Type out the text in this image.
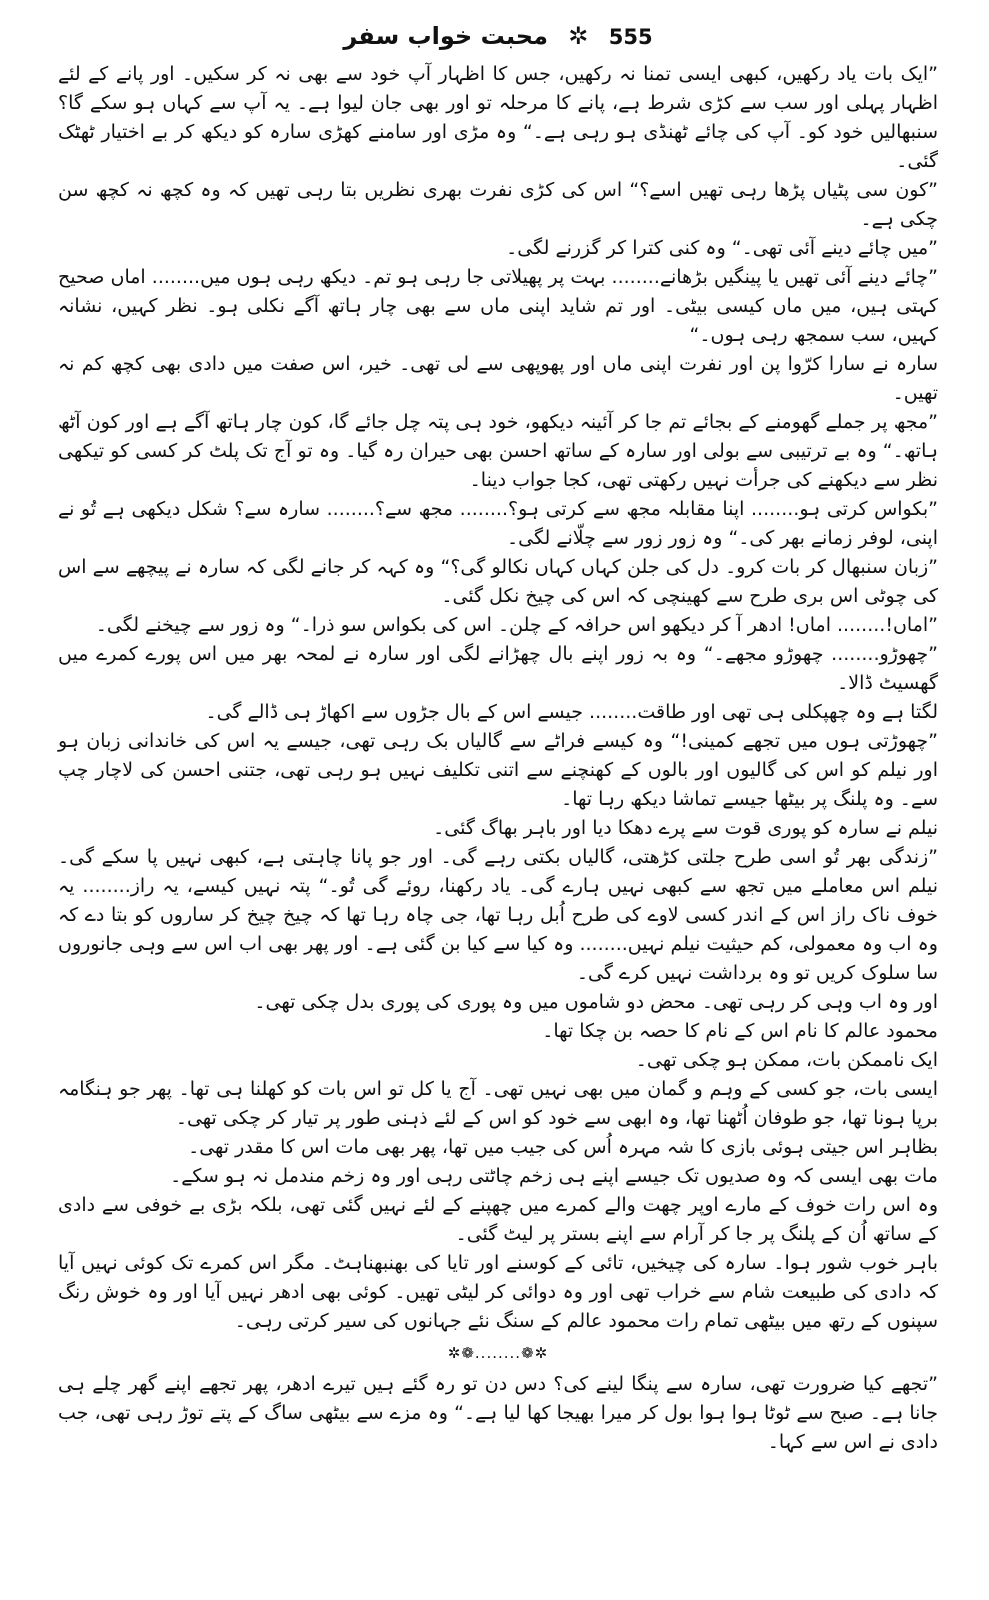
555 ✲ محبت خواب سفر

”ایک بات یاد رکھیں، کبھی ایسی تمنا نہ رکھیں، جس کا اظہار آپ خود سے بھی نہ کر سکیں۔ اور پانے کے لئے اظہار پہلی اور سب سے کڑی شرط ہے، پانے کا مرحلہ تو اور بھی جان لیوا ہے۔ یہ آپ سے کہاں ہو سکے گا؟ سنبھالیں خود کو۔ آپ کی چائے ٹھنڈی ہو رہی ہے۔“ وہ مڑی اور سامنے کھڑی سارہ کو دیکھ کر بے اختیار ٹھٹک گئی۔

”کون سی پٹیاں پڑھا رہی تھیں اسے؟“ اس کی کڑی نفرت بھری نظریں بتا رہی تھیں کہ وہ کچھ نہ کچھ سن چکی ہے۔

”میں چائے دینے آئی تھی۔“ وہ کنی کترا کر گزرنے لگی۔

”چائے دینے آئی تھیں یا پینگیں بڑھانے........ بہت پر پھیلاتی جا رہی ہو تم۔ دیکھ رہی ہوں میں........ اماں صحیح کہتی ہیں، میں ماں کیسی بیٹی۔ اور تم شاید اپنی ماں سے بھی چار ہاتھ آگے نکلی ہو۔ نظر کہیں، نشانہ کہیں، سب سمجھ رہی ہوں۔“

سارہ نے سارا کرّوا پن اور نفرت اپنی ماں اور پھوپھی سے لی تھی۔ خیر، اس صفت میں دادی بھی کچھ کم نہ تھیں۔

”مجھ پر جملے گھومنے کے بجائے تم جا کر آئینہ دیکھو، خود ہی پتہ چل جائے گا، کون چار ہاتھ آگے ہے اور کون آٹھ ہاتھ۔“ وہ بے ترتیبی سے بولی اور سارہ کے ساتھ احسن بھی حیران رہ گیا۔ وہ تو آج تک پلٹ کر کسی کو تیکھی نظر سے دیکھنے کی جرأت نہیں رکھتی تھی، کجا جواب دینا۔

”بکواس کرتی ہو........ اپنا مقابلہ مجھ سے کرتی ہو؟........ مجھ سے؟........ سارہ سے؟ شکل دیکھی ہے تُو نے اپنی، لوفر زمانے بھر کی۔“ وہ زور زور سے چلّانے لگی۔

”زبان سنبھال کر بات کرو۔ دل کی جلن کہاں کہاں نکالو گی؟“ وہ کہہ کر جانے لگی کہ سارہ نے پیچھے سے اس کی چوٹی اس بری طرح سے کھینچی کہ اس کی چیخ نکل گئی۔

”اماں!........ اماں! ادھر آ کر دیکھو اس حرافہ کے چلن۔ اس کی بکواس سو ذرا۔“ وہ زور سے چیخنے لگی۔

”چھوڑو........ چھوڑو مجھے۔“ وہ بہ زور اپنے بال چھڑانے لگی اور سارہ نے لمحہ بھر میں اس پورے کمرے میں گھسیٹ ڈالا۔

لگتا ہے وہ چھپکلی ہی تھی اور طاقت........ جیسے اس کے بال جڑوں سے اکھاڑ ہی ڈالے گی۔

”چھوڑتی ہوں میں تجھے کمینی!“ وہ کیسے فراٹے سے گالیاں بک رہی تھی، جیسے یہ اس کی خاندانی زبان ہو اور نیلم کو اس کی گالیوں اور بالوں کے کھنچنے سے اتنی تکلیف نہیں ہو رہی تھی، جتنی احسن کی لاچار چپ سے۔ وہ پلنگ پر بیٹھا جیسے تماشا دیکھ رہا تھا۔

نیلم نے سارہ کو پوری قوت سے پرے دھکا دیا اور باہر بھاگ گئی۔

”زندگی بھر تُو اسی طرح جلتی کڑھتی، گالیاں بکتی رہے گی۔ اور جو پانا چاہتی ہے، کبھی نہیں پا سکے گی۔ نیلم اس معاملے میں تجھ سے کبھی نہیں ہارے گی۔ یاد رکھنا، روئے گی تُو۔“ پتہ نہیں کیسے، یہ راز........ یہ خوف ناک راز اس کے اندر کسی لاوے کی طرح اُبل رہا تھا، جی چاہ رہا تھا کہ چیخ چیخ کر ساروں کو بتا دے کہ وہ اب وہ معمولی، کم حیثیت نیلم نہیں........ وہ کیا سے کیا بن گئی ہے۔ اور پھر بھی اب اس سے وہی جانوروں سا سلوک کریں تو وہ برداشت نہیں کرے گی۔

اور وہ اب وہی کر رہی تھی۔ محض دو شاموں میں وہ پوری کی پوری بدل چکی تھی۔

محمود عالم کا نام اس کے نام کا حصہ بن چکا تھا۔

ایک ناممکن بات، ممکن ہو چکی تھی۔

ایسی بات، جو کسی کے وہم و گمان میں بھی نہیں تھی۔ آج یا کل تو اس بات کو کھلنا ہی تھا۔ پھر جو ہنگامہ برپا ہونا تھا، جو طوفان اُٹھنا تھا، وہ ابھی سے خود کو اس کے لئے ذہنی طور پر تیار کر چکی تھی۔

بظاہر اس جیتی ہوئی بازی کا شہ مہرہ اُس کی جیب میں تھا، پھر بھی مات اس کا مقدر تھی۔

مات بھی ایسی کہ وہ صدیوں تک جیسے اپنے ہی زخم چاٹتی رہی اور وہ زخم مندمل نہ ہو سکے۔

وہ اس رات خوف کے مارے اوپر چھت والے کمرے میں چھپنے کے لئے نہیں گئی تھی، بلکہ بڑی بے خوفی سے دادی کے ساتھ اُن کے پلنگ پر جا کر آرام سے اپنے بستر پر لیٹ گئی۔

باہر خوب شور ہوا۔ سارہ کی چیخیں، تائی کے کوسنے اور تایا کی بھنبھناہٹ۔ مگر اس کمرے تک کوئی نہیں آیا کہ دادی کی طبیعت شام سے خراب تھی اور وہ دوائی کر لیٹی تھیں۔ کوئی بھی ادھر نہیں آیا اور وہ خوش رنگ سپنوں کے رتھ میں بیٹھی تمام رات محمود عالم کے سنگ نئے جہانوں کی سیر کرتی رہی۔

✲❁........❁✲

”تجھے کیا ضرورت تھی، سارہ سے پنگا لینے کی؟ دس دن تو رہ گئے ہیں تیرے ادھر، پھر تجھے اپنے گھر چلے ہی جانا ہے۔ صبح سے ٹوٹا ہوا ہوا بول کر میرا بھیجا کھا لیا ہے۔“ وہ مزے سے بیٹھی ساگ کے پتے توڑ رہی تھی، جب دادی نے اس سے کہا۔
